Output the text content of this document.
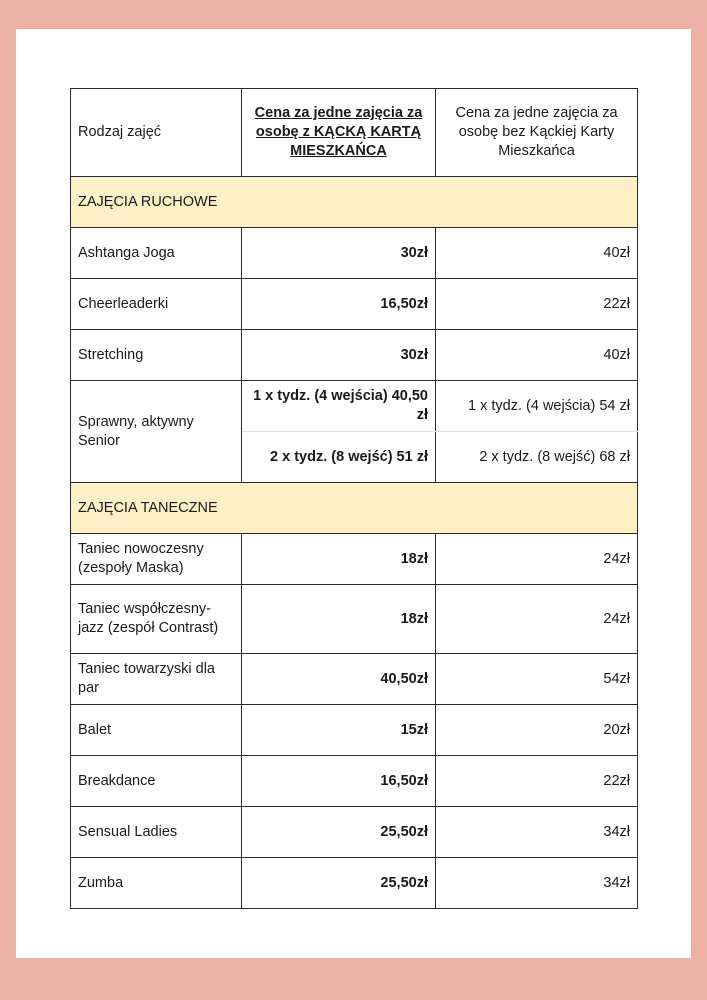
Rodzaj zajęć	Cena za jedne zajęcia za osobę z KĄCKĄ KARTĄ MIESZKAŃCA	Cena za jedne zajęcia za osobę bez Kąckiej Karty Mieszkańca
ZAJĘCIA RUCHOWE		
Ashtanga Joga	30zł	40zł
Cheerleaderki	16,50zł	22zł
Stretching	30zł	40zł
Sprawny, aktywny Senior	1 x tydz. (4 wejścia) 40,50 zł	1 x tydz. (4 wejścia) 54 zł
	2 x tydz. (8 wejść) 51 zł	2 x tydz. (8 wejść) 68 zł
ZAJĘCIA TANECZNE		
Taniec nowoczesny (zespoły Maska)	18zł	24zł
Taniec współczesny-jazz (zespół Contrast)	18zł	24zł
Taniec towarzyski dla par	40,50zł	54zł
Balet	15zł	20zł
Breakdance	16,50zł	22zł
Sensual Ladies	25,50zł	34zł
Zumba	25,50zł	34zł
